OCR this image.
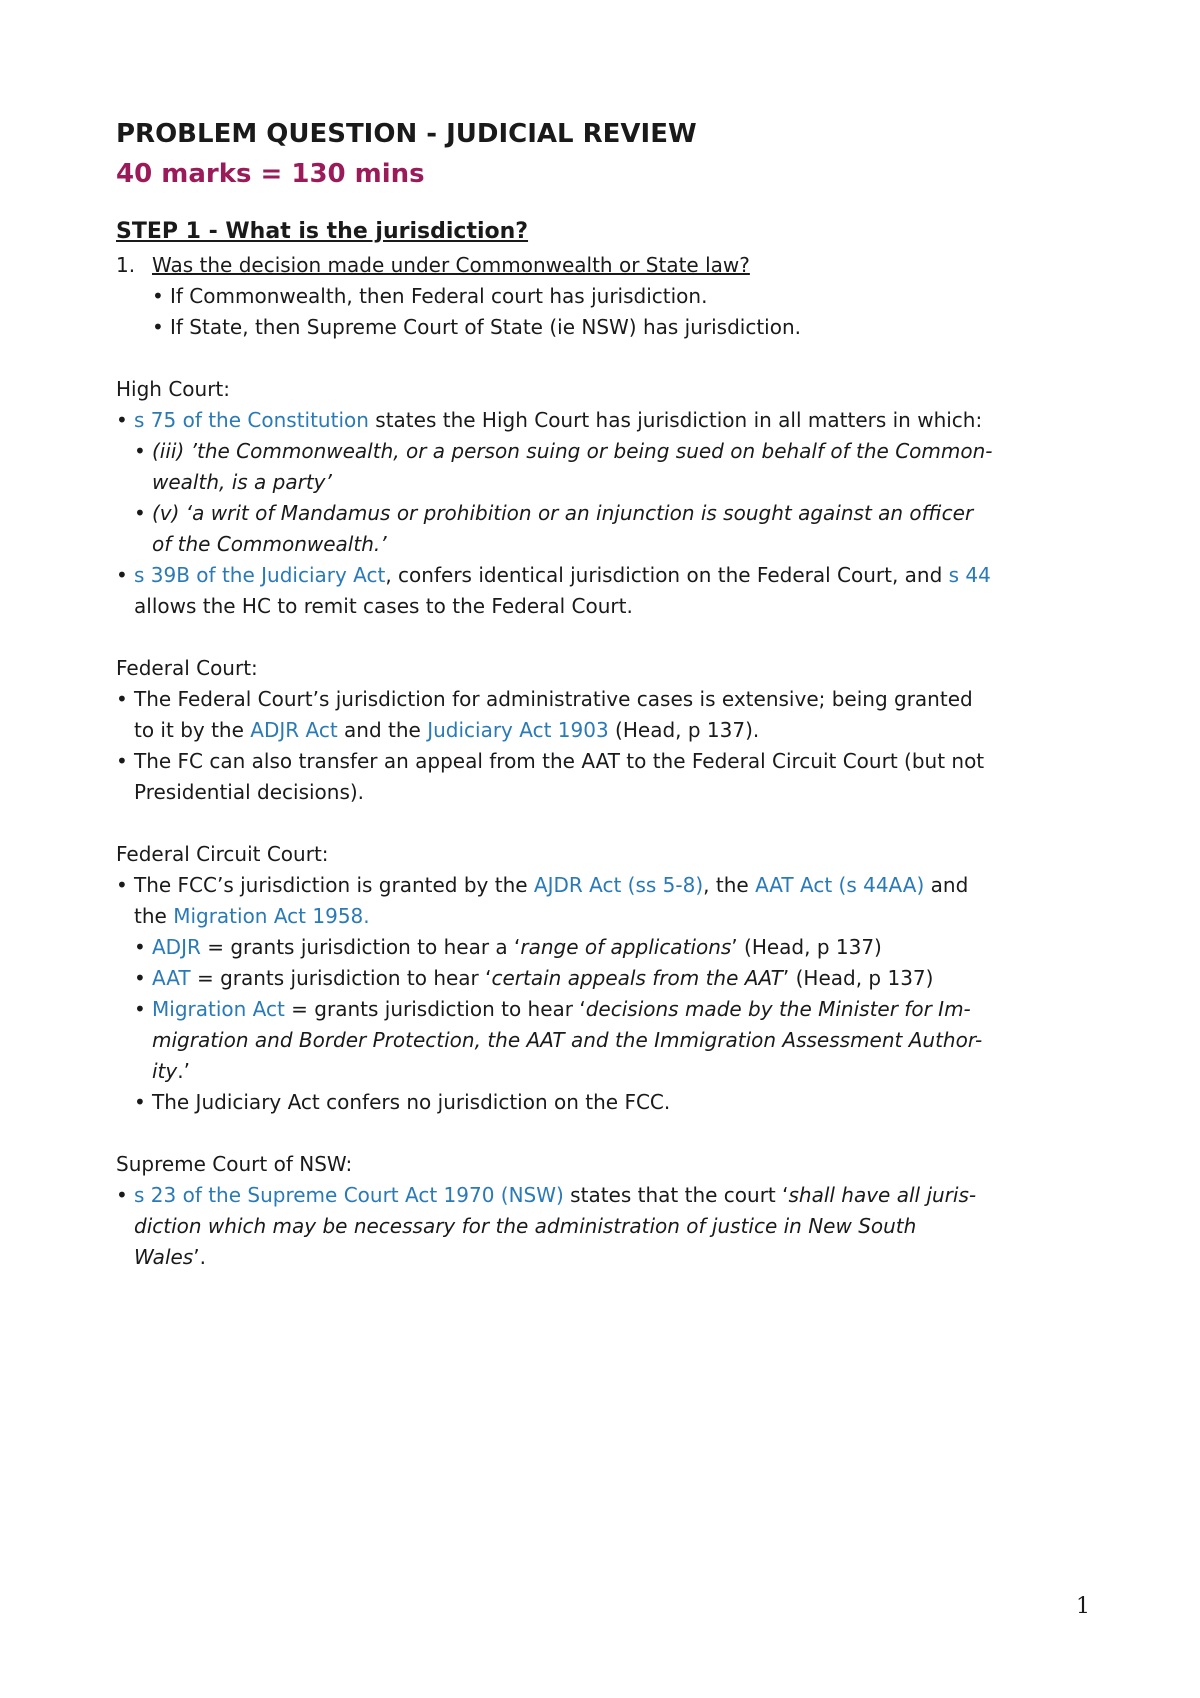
PROBLEM QUESTION - JUDICIAL REVIEW
40 marks = 130 mins
STEP 1 - What is the jurisdiction?
1. Was the decision made under Commonwealth or State law?
• If Commonwealth, then Federal court has jurisdiction.
• If State, then Supreme Court of State (ie NSW) has jurisdiction.
High Court:
• s 75 of the Constitution states the High Court has jurisdiction in all matters in which:
• (iii) ’the Commonwealth, or a person suing or being sued on behalf of the Common-
wealth, is a party’
• (v) ‘a writ of Mandamus or prohibition or an injunction is sought against an officer
of the Commonwealth.’
• s 39B of the Judiciary Act, confers identical jurisdiction on the Federal Court, and s 44
allows the HC to remit cases to the Federal Court.
Federal Court:
• The Federal Court’s jurisdiction for administrative cases is extensive; being granted
to it by the ADJR Act and the Judiciary Act 1903 (Head, p 137).
• The FC can also transfer an appeal from the AAT to the Federal Circuit Court (but not
Presidential decisions).
Federal Circuit Court:
• The FCC’s jurisdiction is granted by the AJDR Act (ss 5-8), the AAT Act (s 44AA) and
the Migration Act 1958.
• ADJR = grants jurisdiction to hear a ‘range of applications’ (Head, p 137)
• AAT = grants jurisdiction to hear ‘certain appeals from the AAT’ (Head, p 137)
• Migration Act = grants jurisdiction to hear ‘decisions made by the Minister for Im-
migration and Border Protection, the AAT and the Immigration Assessment Author-
ity.’
• The Judiciary Act confers no jurisdiction on the FCC.
Supreme Court of NSW:
• s 23 of the Supreme Court Act 1970 (NSW) states that the court ‘shall have all juris-
diction which may be necessary for the administration of justice in New South
Wales’.
1
